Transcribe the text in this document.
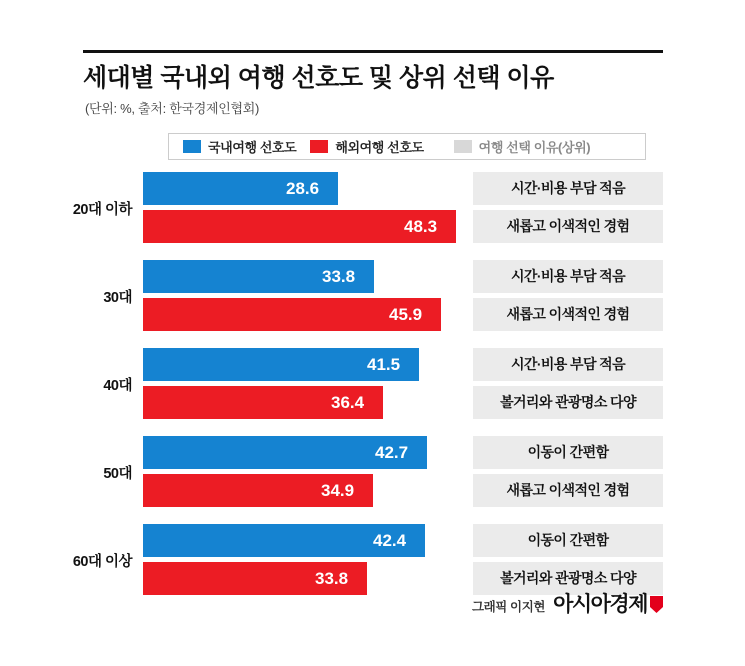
세대별 국내외 여행 선호도 및 상위 선택 이유
(단위: %, 출처: 한국경제인협회)
국내여행 선호도	해외여행 선호도	여행 선택 이유(상위)
20대 이하
28.6
48.3
시간·비용 부담 적음
새롭고 이색적인 경험
30대
33.8
45.9
시간·비용 부담 적음
새롭고 이색적인 경험
40대
41.5
36.4
시간·비용 부담 적음
볼거리와 관광명소 다양
50대
42.7
34.9
이동이 간편함
새롭고 이색적인 경험
60대 이상
42.4
33.8
이동이 간편함
볼거리와 관광명소 다양
그래픽 이지현 아시아경제
